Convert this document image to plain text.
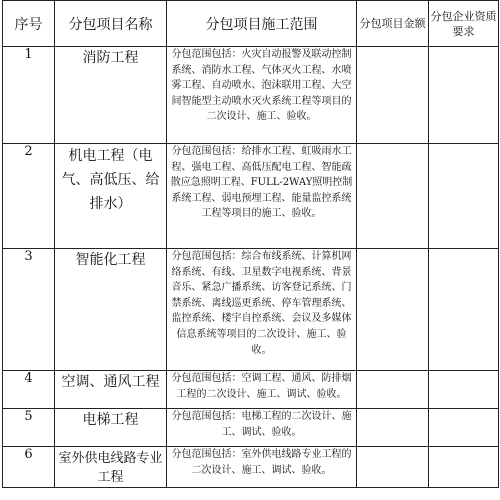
序号	分包项目名称	分包项目施工范围	分包项目金额	分包企业资质要求
1	消防工程	分包范围包括：火灾自动报警及联动控制系统、消防水工程、气体灭火工程、水喷雾工程、自动喷水、泡沫联用工程、大空间智能型主动喷水灭火系统工程等项目的二次设计、施工、验收。		
2	机电工程（电气、高低压、给排水）	分包范围包括：给排水工程、虹吸雨水工程、强电工程、高低压配电工程、智能疏散应急照明工程、FULL-2WAY照明控制系统工程、弱电预埋工程、能量监控系统工程等项目的施工、验收。		
3	智能化工程	分包范围包括：综合布线系统、计算机网络系统、有线、卫星数字电视系统、背景音乐、紧急广播系统、访客登记系统、门禁系统、离线巡更系统、停车管理系统、监控系统、楼宇自控系统、会议及多媒体信息系统等项目的二次设计、施工、验收。		
4	空调、通风工程	分包范围包括：空调工程、通风、防排烟工程的二次设计、施工、调试、验收。		
5	电梯工程	分包范围包括：电梯工程的二次设计、施工、调试、验收。		
6	室外供电线路专业工程	分包范围包括：室外供电线路专业工程的二次设计、施工、调试、验收。		
